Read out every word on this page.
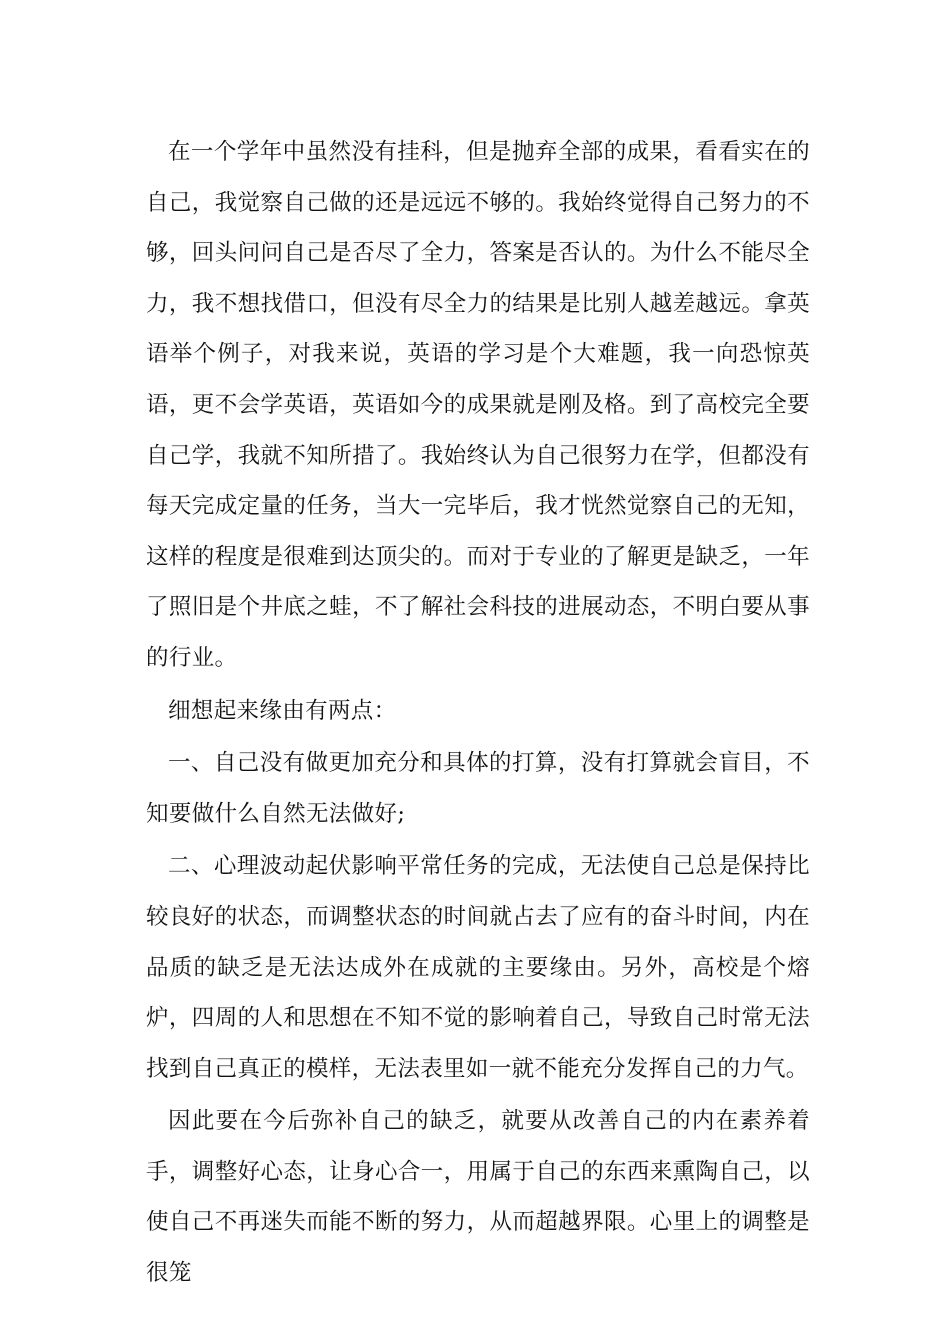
在一个学年中虽然没有挂科，但是抛弃全部的成果，看看实在的自己，我觉察自己做的还是远远不够的。我始终觉得自己努力的不够，回头问问自己是否尽了全力，答案是否认的。为什么不能尽全力，我不想找借口，但没有尽全力的结果是比别人越差越远。拿英语举个例子，对我来说，英语的学习是个大难题，我一向恐惊英语，更不会学英语，英语如今的成果就是刚及格。到了高校完全要自己学，我就不知所措了。我始终认为自己很努力在学，但都没有每天完成定量的任务，当大一完毕后，我才恍然觉察自己的无知，这样的程度是很难到达顶尖的。而对于专业的了解更是缺乏，一年了照旧是个井底之蛙，不了解社会科技的进展动态，不明白要从事的行业。

细想起来缘由有两点：

一、自己没有做更加充分和具体的打算，没有打算就会盲目，不知要做什么自然无法做好;

二、心理波动起伏影响平常任务的完成，无法使自己总是保持比较良好的状态，而调整状态的时间就占去了应有的奋斗时间，内在品质的缺乏是无法达成外在成就的主要缘由。另外，高校是个熔炉，四周的人和思想在不知不觉的影响着自己，导致自己时常无法找到自己真正的模样，无法表里如一就不能充分发挥自己的力气。

因此要在今后弥补自己的缺乏，就要从改善自己的内在素养着手，调整好心态，让身心合一，用属于自己的东西来熏陶自己，以使自己不再迷失而能不断的努力，从而超越界限。心里上的调整是很笼
